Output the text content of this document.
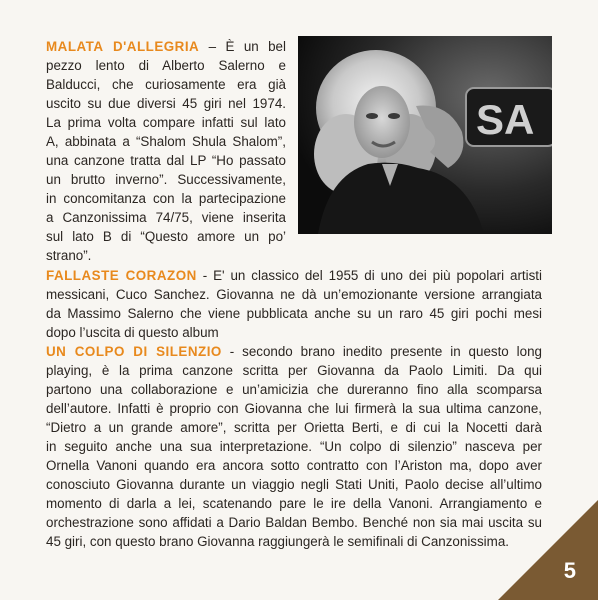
MALATA D'ALLEGRIA – È un bel
pezzo lento di Alberto Salerno e
Balducci, che curiosamente era già
uscito su due diversi 45 giri nel 1974.
La prima volta compare infatti sul lato
A, abbinata a “Shalom Shula Shalom”,
una canzone tratta dal LP “Ho passato
un brutto inverno”. Successivamente,
in concomitanza con la partecipazione
a Canzonissima 74/75, viene inserita
sul lato B di “Questo amore un po’
strano”.
SA
FALLASTE CORAZON - E' un classico del 1955 di uno dei più popolari artisti
messicani, Cuco Sanchez. Giovanna ne dà un’emozionante versione arrangiata
da Massimo Salerno che viene pubblicata anche su un raro 45 giri pochi mesi
dopo l’uscita di questo album
UN COLPO DI SILENZIO - secondo brano inedito presente in questo long
playing, è la prima canzone scritta per Giovanna da Paolo Limiti. Da qui
partono una collaborazione e un’amicizia che dureranno fino alla scomparsa
dell’autore. Infatti è proprio con Giovanna che lui firmerà la sua ultima canzone,
“Dietro a un grande amore”, scritta per Orietta Berti, e di cui la Nocetti darà
in seguito anche una sua interpretazione. “Un colpo di silenzio” nasceva per
Ornella Vanoni quando era ancora sotto contratto con l’Ariston ma, dopo aver
conosciuto Giovanna durante un viaggio negli Stati Uniti, Paolo decise all’ultimo
momento di darla a lei, scatenando pare le ire della Vanoni. Arrangiamento e
orchestrazione sono affidati a Dario Baldan Bembo. Benché non sia mai uscita su
45 giri, con questo brano Giovanna raggiungerà le semifinali di Canzonissima.
5
